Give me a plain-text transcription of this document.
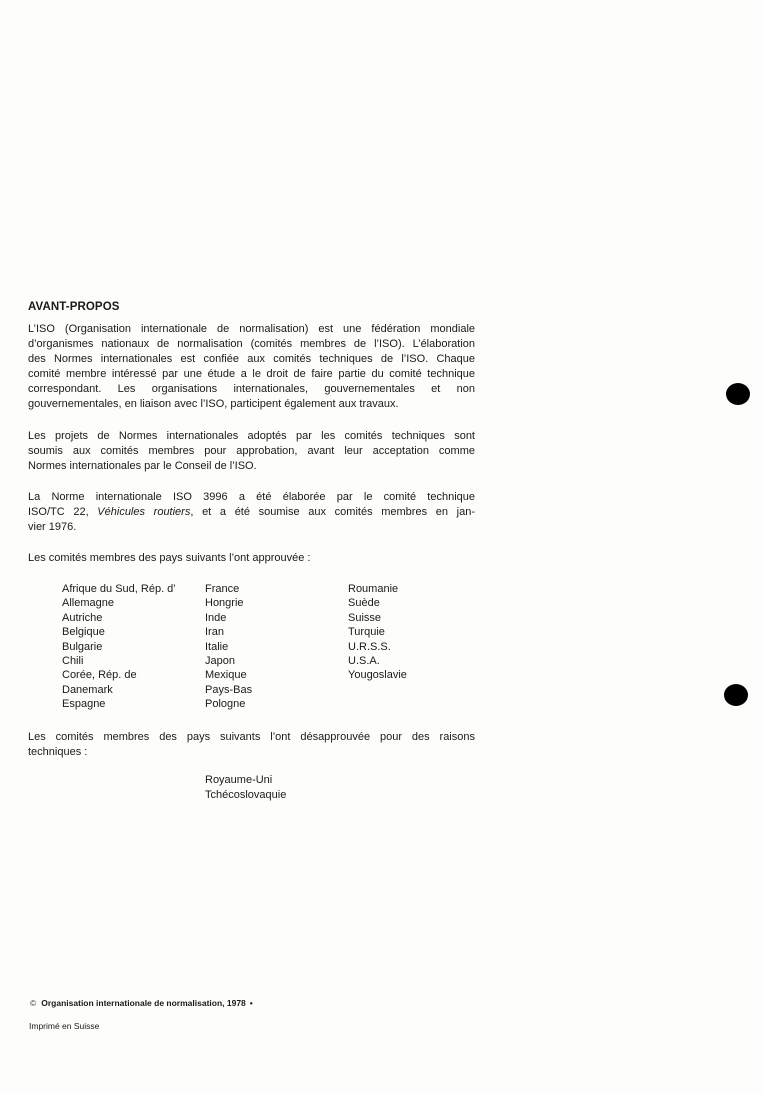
AVANT-PROPOS

L’ISO (Organisation internationale de normalisation) est une fédération mondiale
d’organismes nationaux de normalisation (comités membres de l’ISO). L’élaboration
des Normes internationales est confiée aux comités techniques de l’ISO. Chaque
comité membre intéressé par une étude a le droit de faire partie du comité technique
correspondant. Les organisations internationales, gouvernementales et non
gouvernementales, en liaison avec l’ISO, participent également aux travaux.

Les projets de Normes internationales adoptés par les comités techniques sont
soumis aux comités membres pour approbation, avant leur acceptation comme
Normes internationales par le Conseil de l’ISO.

La Norme internationale ISO 3996 a été élaborée par le comité technique
ISO/TC 22, Véhicules routiers, et a été soumise aux comités membres en jan-
vier 1976.

Les comités membres des pays suivants l’ont approuvée :

Afrique du Sud, Rép. d’
Allemagne
Autriche
Belgique
Bulgarie
Chili
Corée, Rép. de
Danemark
Espagne
France
Hongrie
Inde
Iran
Italie
Japon
Mexique
Pays-Bas
Pologne
Roumanie
Suède
Suisse
Turquie
U.R.S.S.
U.S.A.
Yougoslavie

Les comités membres des pays suivants l’ont désapprouvée pour des raisons
techniques :

Royaume-Uni
Tchécoslovaquie
© Organisation internationale de normalisation, 1978 •
Imprimé en Suisse
